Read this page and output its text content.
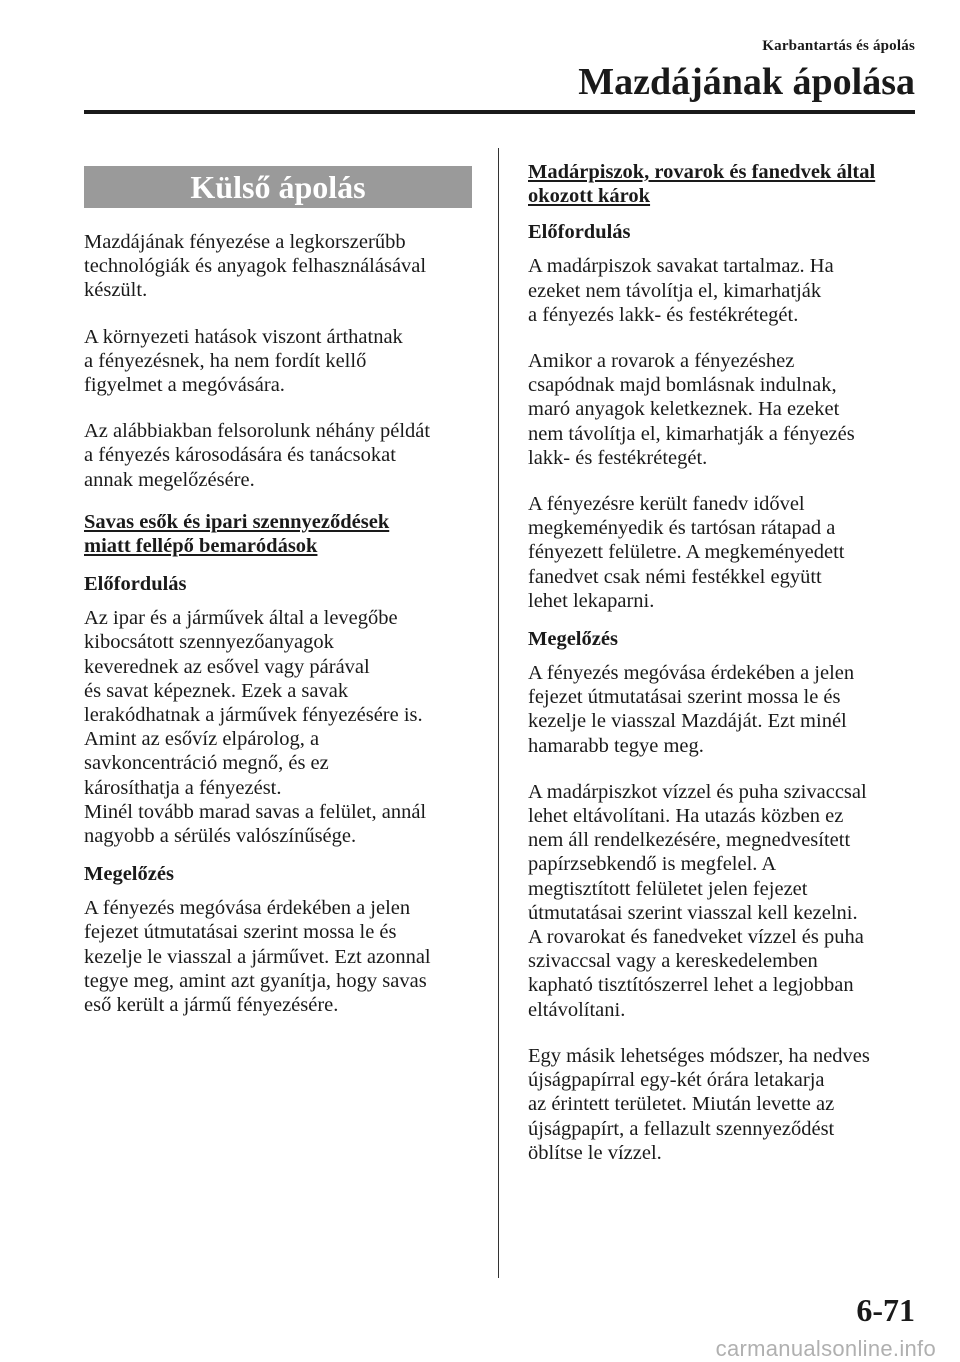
Karbantartás és ápolás
Mazdájának ápolása
Külső ápolás

Mazdájának fényezése a legkorszerűbb
technológiák és anyagok felhasználásával
készült.

A környezeti hatások viszont árthatnak
a fényezésnek, ha nem fordít kellő
figyelmet a megóvására.

Az alábbiakban felsorolunk néhány példát
a fényezés károsodására és tanácsokat
annak megelőzésére.

Savas esők és ipari szennyeződések
miatt fellépő bemaródások
Előfordulás

Az ipar és a járművek által a levegőbe
kibocsátott szennyezőanyagok
keverednek az esővel vagy párával
és savat képeznek. Ezek a savak
lerakódhatnak a járművek fényezésére is.
Amint az esővíz elpárolog, a
savkoncentráció megnő, és ez
károsíthatja a fényezést.
Minél tovább marad savas a felület, annál
nagyobb a sérülés valószínűsége.

Megelőzés

A fényezés megóvása érdekében a jelen
fejezet útmutatásai szerint mossa le és
kezelje le viasszal a járművet. Ezt azonnal
tegye meg, amint azt gyanítja, hogy savas
eső került a jármű fényezésére.

Madárpiszok, rovarok és fanedvek által
okozott károk
Előfordulás

A madárpiszok savakat tartalmaz. Ha
ezeket nem távolítja el, kimarhatják
a fényezés lakk- és festékrétegét.

Amikor a rovarok a fényezéshez
csapódnak majd bomlásnak indulnak,
maró anyagok keletkeznek. Ha ezeket
nem távolítja el, kimarhatják a fényezés
lakk- és festékrétegét.

A fényezésre került fanedv idővel
megkeményedik és tartósan rátapad a
fényezett felületre. A megkeményedett
fanedvet csak némi festékkel együtt
lehet lekaparni.

Megelőzés

A fényezés megóvása érdekében a jelen
fejezet útmutatásai szerint mossa le és
kezelje le viasszal Mazdáját. Ezt minél
hamarabb tegye meg.

A madárpiszkot vízzel és puha szivaccsal
lehet eltávolítani. Ha utazás közben ez
nem áll rendelkezésére, megnedvesített
papírzsebkendő is megfelel. A
megtisztított felületet jelen fejezet
útmutatásai szerint viasszal kell kezelni.
A rovarokat és fanedveket vízzel és puha
szivaccsal vagy a kereskedelemben
kapható tisztítószerrel lehet a legjobban
eltávolítani.

Egy másik lehetséges módszer, ha nedves
újságpapírral egy-két órára letakarja
az érintett területet. Miután levette az
újságpapírt, a fellazult szennyeződést
öblítse le vízzel.

6-71
carmanualsonline.info
